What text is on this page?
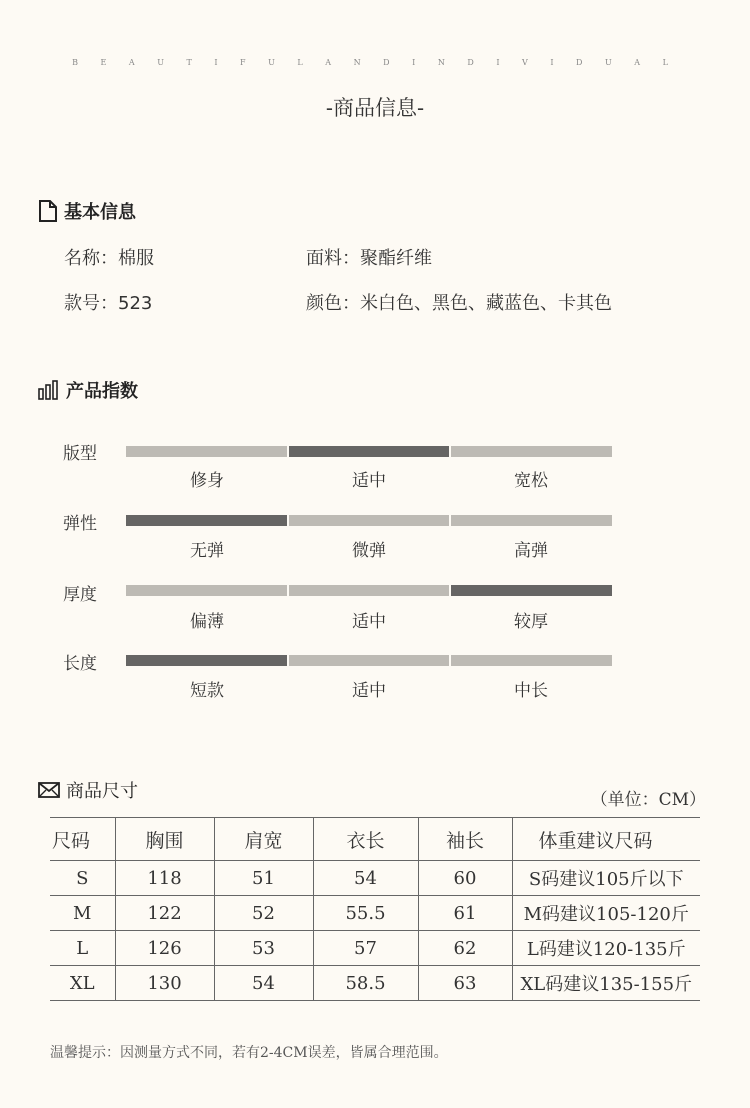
B E A U T I F U L A N D I N D I V I D U A L
-商品信息-
基本信息
名称：棉服	面料：聚酯纤维
款号：523	颜色：米白色、黑色、藏蓝色、卡其色
产品指数
版型
修身	适中	宽松
弹性
无弹	微弹	高弹
厚度
偏薄	适中	较厚
长度
短款	适中	中长
商品尺寸	（单位：CM）
尺码	胸围	肩宽	衣长	袖长	体重建议尺码
S	118	51	54	60	S码建议105斤以下
M	122	52	55.5	61	M码建议105-120斤
L	126	53	57	62	L码建议120-135斤
XL	130	54	58.5	63	XL码建议135-155斤
温馨提示：因测量方式不同，若有2-4CM误差，皆属合理范围。
